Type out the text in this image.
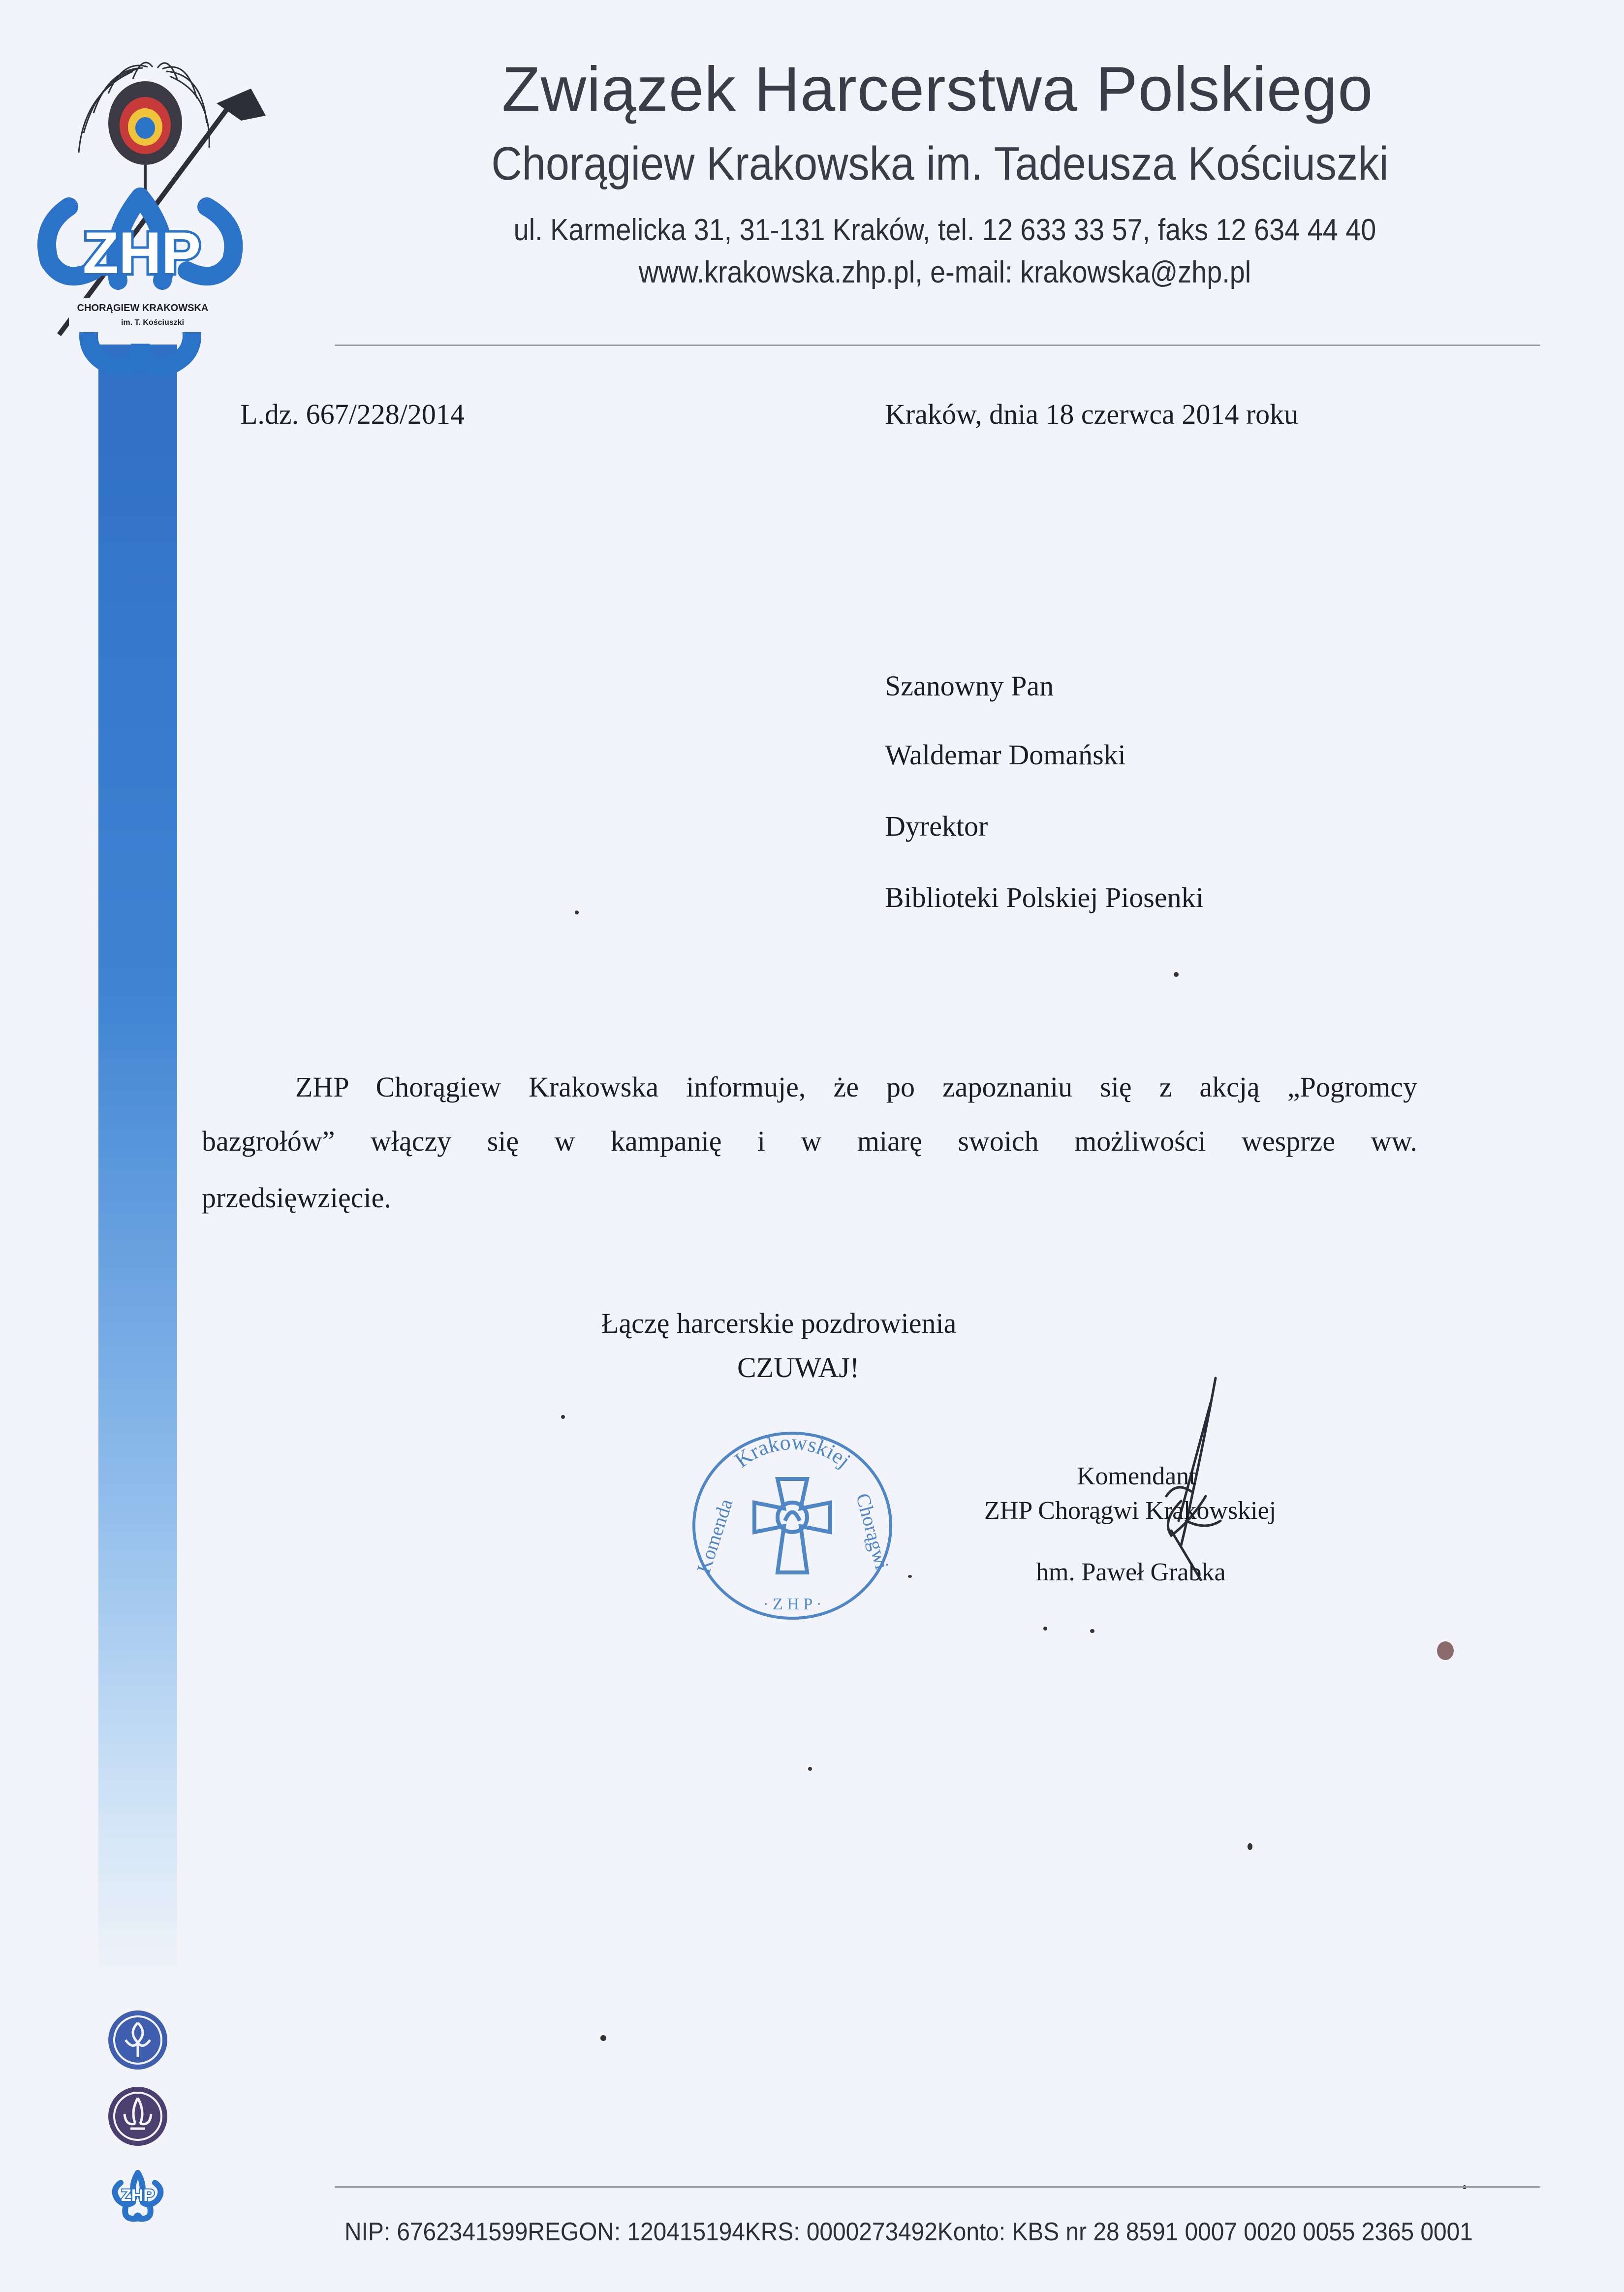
ZHP
CHORĄGIEW KRAKOWSKA
im. T. Kościuszki
Związek Harcerstwa Polskiego
Chorągiew Krakowska im. Tadeusza Kościuszki
ul. Karmelicka 31, 31-131 Kraków, tel. 12 633 33 57, faks 12 634 44 40
www.krakowska.zhp.pl, e-mail: krakowska@zhp.pl
L.dz. 667/228/2014	Kraków, dnia 18 czerwca 2014 roku
Szanowny Pan
Waldemar Domański
Dyrektor
Biblioteki Polskiej Piosenki
ZHP Chorągiew Krakowska informuje, że po zapoznaniu się z akcją „Pogromcy
bazgrołów” włączy się w kampanię i w miarę swoich możliwości wesprze ww.
przedsięwzięcie.
Łączę harcerskie pozdrowienia
CZUWAJ!
Krakowskiej
Komenda	Chorągwi
· Z H P ·
Komendant
ZHP Chorągwi Krakowskiej
hm. Paweł Grabka
ZHP
NIP: 6762341599 REGON: 120415194 KRS: 0000273492 Konto: KBS nr 28 8591 0007 0020 0055 2365 0001
